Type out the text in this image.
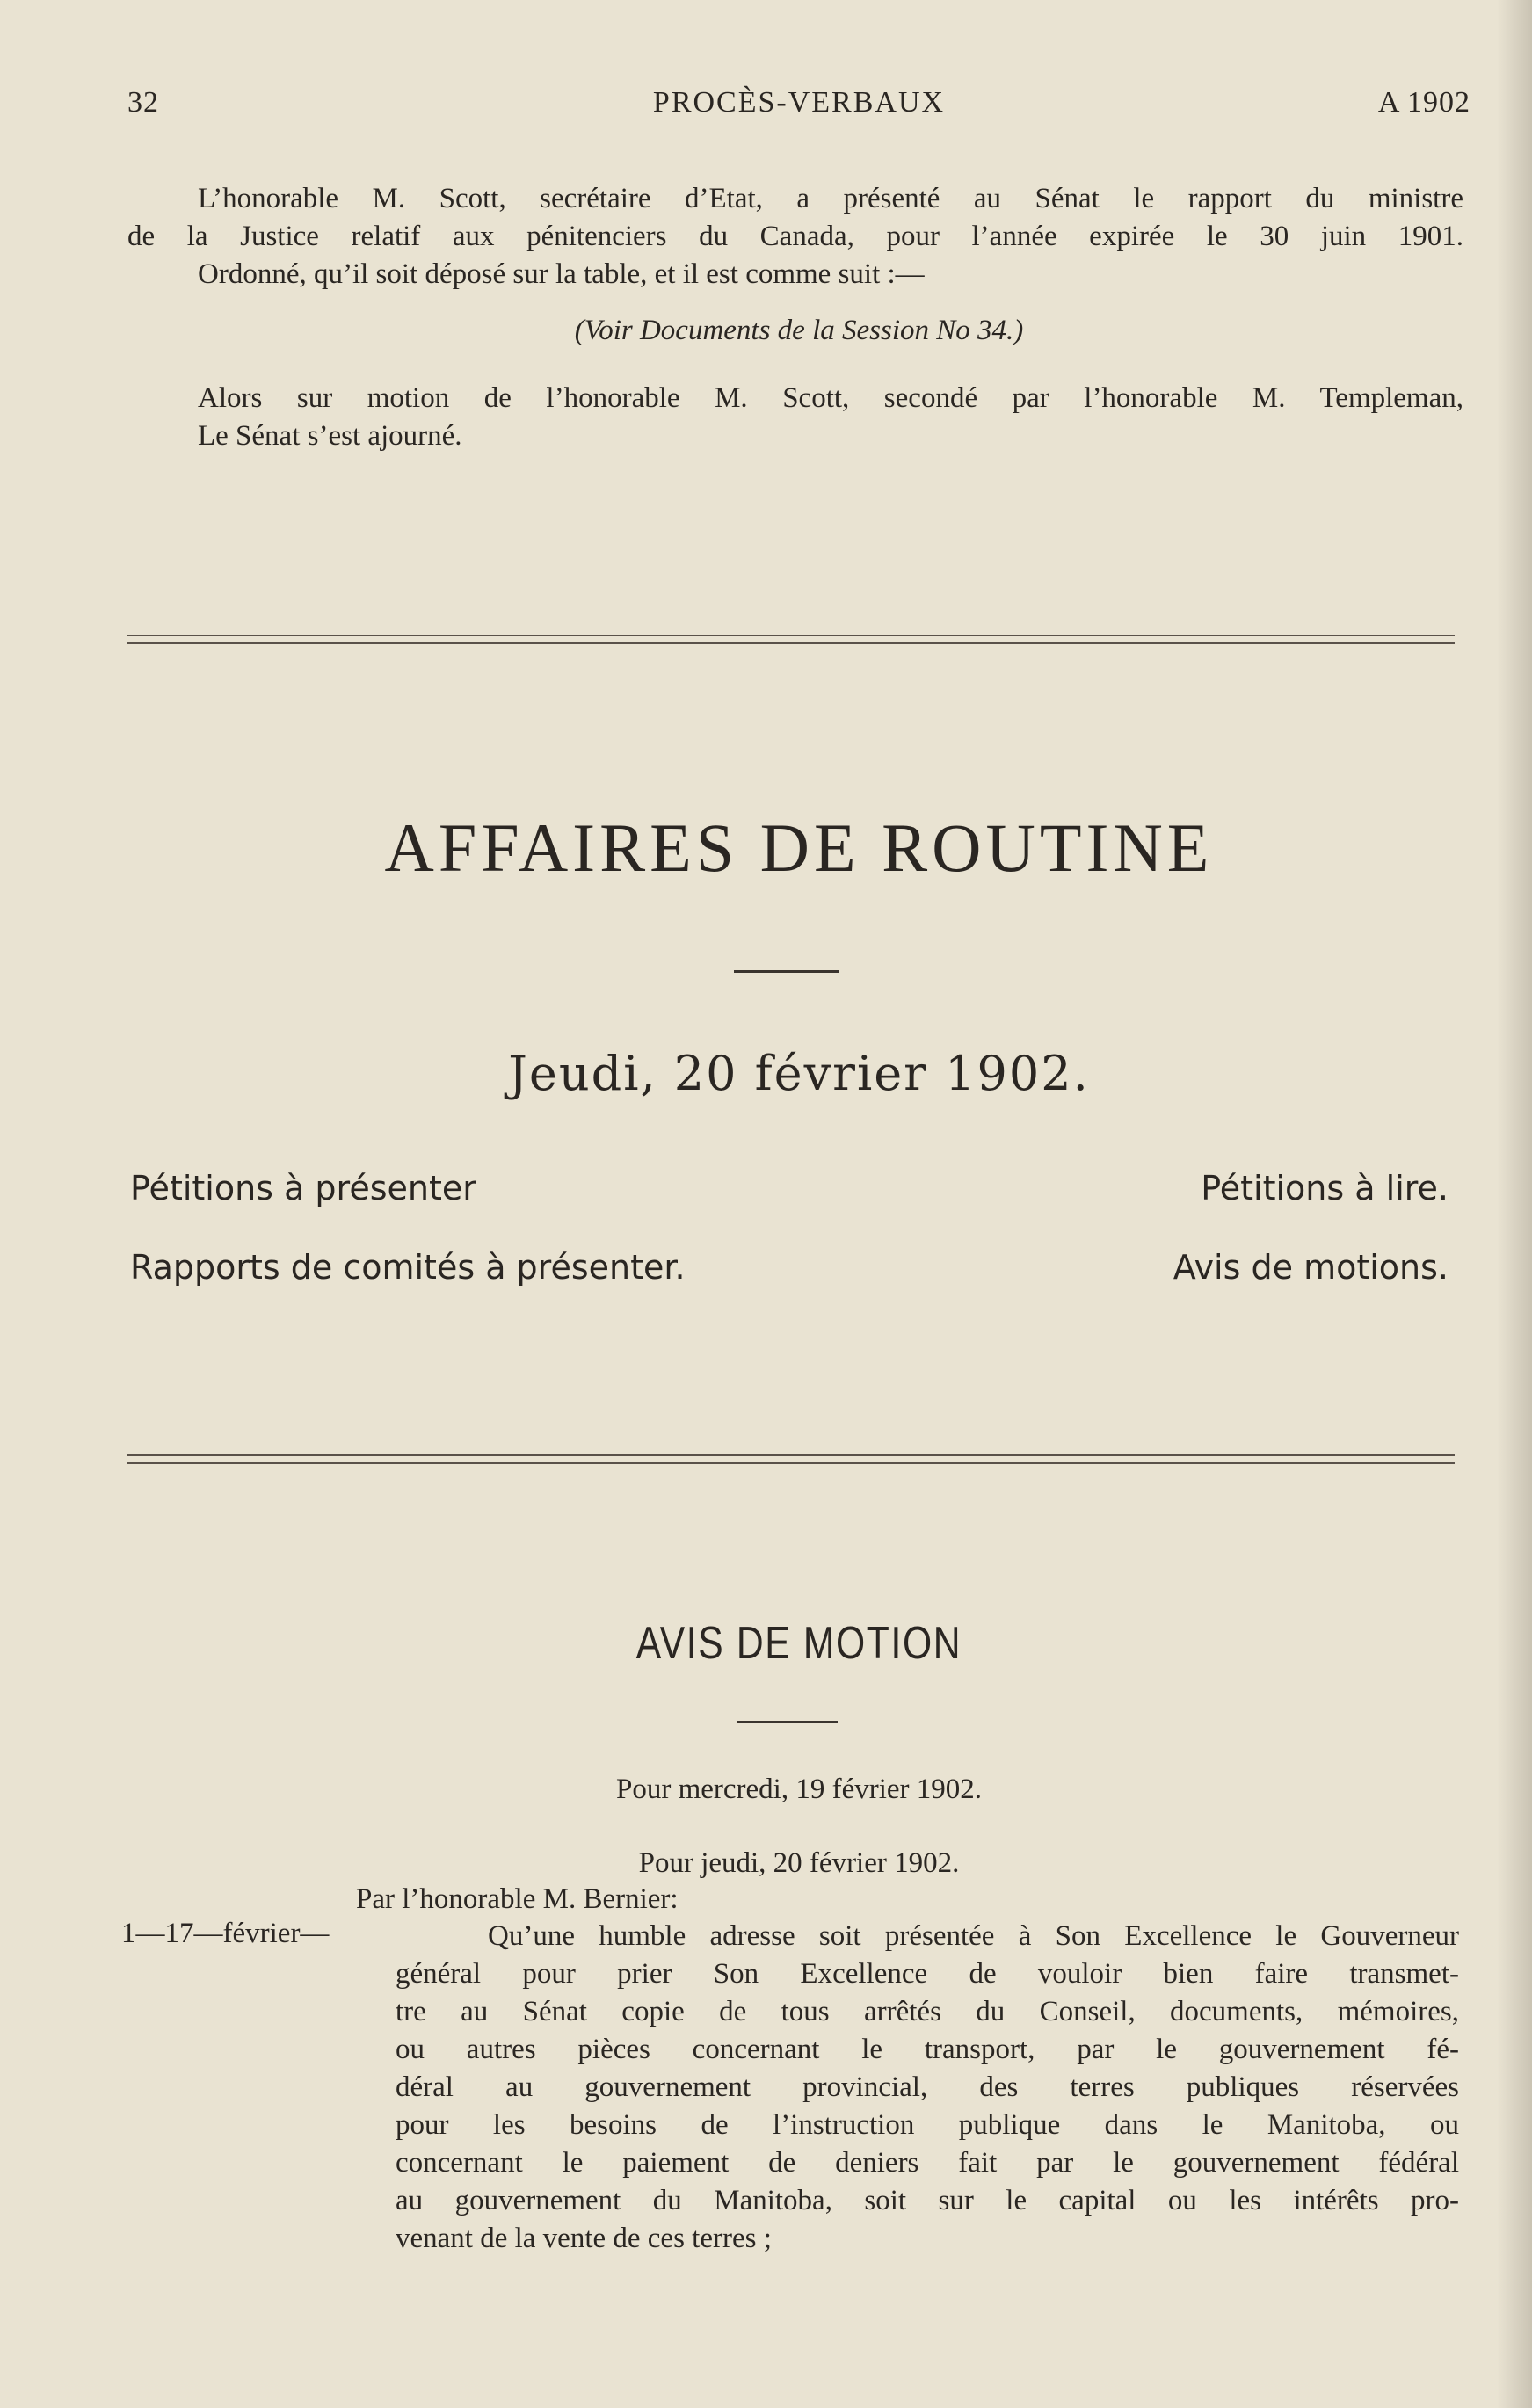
32	PROCÈS-VERBAUX	A 1902
L’honorable M. Scott, secrétaire d’Etat, a présenté au Sénat le rapport du ministre
de la Justice relatif aux pénitenciers du Canada, pour l’année expirée le 30 juin 1901.
Ordonné, qu’il soit déposé sur la table, et il est comme suit :—
(Voir Documents de la Session No 34.)
Alors sur motion de l’honorable M. Scott, secondé par l’honorable M. Templeman,
Le Sénat s’est ajourné.
AFFAIRES DE ROUTINE
Jeudi, 20 février 1902.
Pétitions à présenter	Pétitions à lire.
Rapports de comités à présenter.	Avis de motions.
AVIS DE MOTION
Pour mercredi, 19 février 1902.
Pour jeudi, 20 février 1902.
Par l’honorable M. Bernier:
1—17—février—	Qu’une humble adresse soit présentée à Son Excellence le Gouverneur
général pour prier Son Excellence de vouloir bien faire transmet-
tre au Sénat copie de tous arrêtés du Conseil, documents, mémoires,
ou autres pièces concernant le transport, par le gouvernement fé-
déral au gouvernement provincial, des terres publiques réservées
pour les besoins de l’instruction publique dans le Manitoba, ou
concernant le paiement de deniers fait par le gouvernement fédéral
au gouvernement du Manitoba, soit sur le capital ou les intérêts pro-
venant de la vente de ces terres ;
